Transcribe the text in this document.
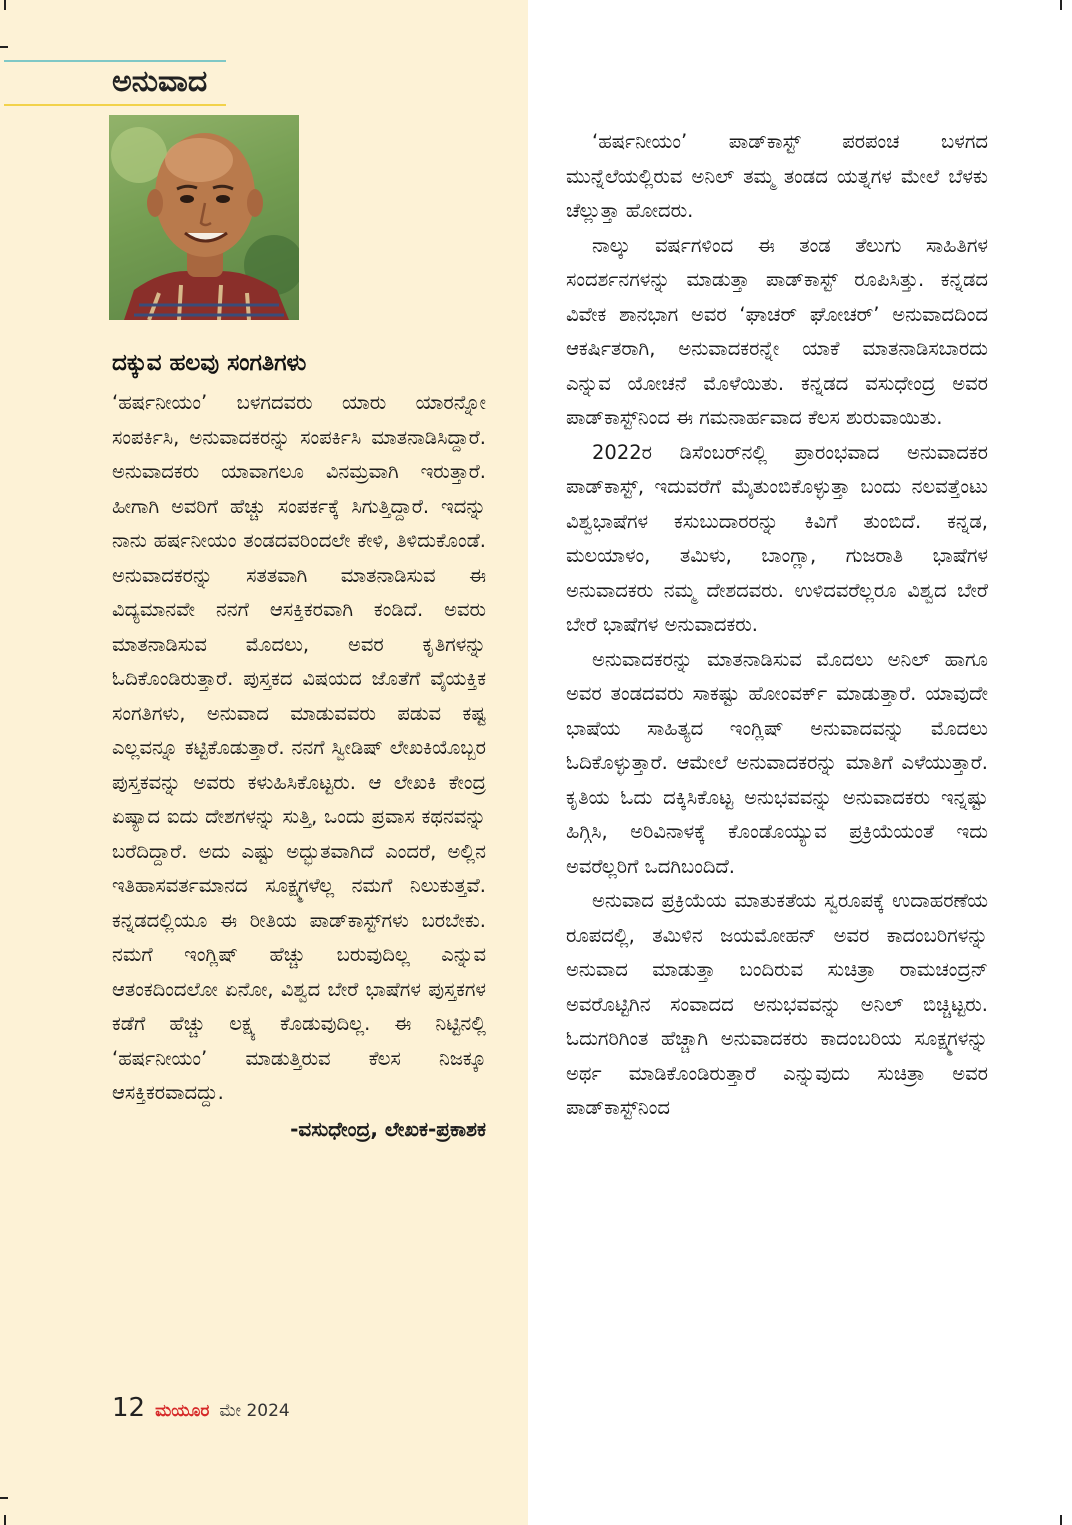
ಅನುವಾದ
ದಕ್ಕುವ ಹಲವು ಸಂಗತಿಗಳು

‘ಹರ್ಷನೀಯಂ’ ಬಳಗದವರು ಯಾರು ಯಾರನ್ನೋ ಸಂಪರ್ಕಿಸಿ, ಅನುವಾದಕರನ್ನು ಸಂಪರ್ಕಿಸಿ ಮಾತನಾಡಿಸಿದ್ದಾರೆ. ಅನುವಾದಕರು ಯಾವಾಗಲೂ ವಿನಮ್ರವಾಗಿ ಇರುತ್ತಾರೆ. ಹೀಗಾಗಿ ಅವರಿಗೆ ಹೆಚ್ಚು ಸಂಪರ್ಕಕ್ಕೆ ಸಿಗುತ್ತಿದ್ದಾರೆ. ಇದನ್ನು ನಾನು ಹರ್ಷನೀಯಂ ತಂಡದವರಿಂದಲೇ ಕೇಳಿ, ತಿಳಿದುಕೊಂಡೆ. ಅನುವಾದಕರನ್ನು ಸತತವಾಗಿ ಮಾತನಾಡಿಸುವ ಈ ವಿದ್ಯಮಾನವೇ ನನಗೆ ಆಸಕ್ತಿಕರವಾಗಿ ಕಂಡಿದೆ. ಅವರು ಮಾತನಾಡಿಸುವ ಮೊದಲು, ಅವರ ಕೃತಿಗಳನ್ನು ಓದಿಕೊಂಡಿರುತ್ತಾರೆ. ಪುಸ್ತಕದ ವಿಷಯದ ಜೊತೆಗೆ ವೈಯಕ್ತಿಕ ಸಂಗತಿಗಳು, ಅನುವಾದ ಮಾಡುವವರು ಪಡುವ ಕಷ್ಟ ಎಲ್ಲವನ್ನೂ ಕಟ್ಟಿಕೊಡುತ್ತಾರೆ. ನನಗೆ ಸ್ವೀಡಿಷ್ ಲೇಖಕಿಯೊಬ್ಬರ ಪುಸ್ತಕವನ್ನು ಅವರು ಕಳುಹಿಸಿಕೊಟ್ಟರು. ಆ ಲೇಖಕಿ ಕೇಂದ್ರ ಏಷ್ಯಾದ ಐದು ದೇಶಗಳನ್ನು ಸುತ್ತಿ, ಒಂದು ಪ್ರವಾಸ ಕಥನವನ್ನು ಬರೆದಿದ್ದಾರೆ. ಅದು ಎಷ್ಟು ಅದ್ಭುತವಾಗಿದೆ ಎಂದರೆ, ಅಲ್ಲಿನ ಇತಿಹಾಸವರ್ತಮಾನದ ಸೂಕ್ಷ್ಮಗಳೆಲ್ಲ ನಮಗೆ ನಿಲುಕುತ್ತವೆ. ಕನ್ನಡದಲ್ಲಿಯೂ ಈ ರೀತಿಯ ಪಾಡ್‌ಕಾಸ್ಟ್‌ಗಳು ಬರಬೇಕು. ನಮಗೆ ಇಂಗ್ಲಿಷ್ ಹೆಚ್ಚು ಬರುವುದಿಲ್ಲ ಎನ್ನುವ ಆತಂಕದಿಂದಲೋ ಏನೋ, ವಿಶ್ವದ ಬೇರೆ ಭಾಷೆಗಳ ಪುಸ್ತಕಗಳ ಕಡೆಗೆ ಹೆಚ್ಚು ಲಕ್ಷ್ಯ ಕೊಡುವುದಿಲ್ಲ. ಈ ನಿಟ್ಟಿನಲ್ಲಿ ‘ಹರ್ಷನೀಯಂ’ ಮಾಡುತ್ತಿರುವ ಕೆಲಸ ನಿಜಕ್ಕೂ ಆಸಕ್ತಿಕರವಾದದ್ದು.

-ವಸುಧೇಂದ್ರ, ಲೇಖಕ-ಪ್ರಕಾಶಕ

‘ಹರ್ಷನೀಯಂ’ ಪಾಡ್‌ಕಾಸ್ಟ್ ಪರಪಂಚ ಬಳಗದ ಮುನ್ನೆಲೆಯಲ್ಲಿರುವ ಅನಿಲ್ ತಮ್ಮ ತಂಡದ ಯತ್ನಗಳ ಮೇಲೆ ಬೆಳಕು ಚೆಲ್ಲುತ್ತಾ ಹೋದರು.

ನಾಲ್ಕು ವರ್ಷಗಳಿಂದ ಈ ತಂಡ ತೆಲುಗು ಸಾಹಿತಿಗಳ ಸಂದರ್ಶನಗಳನ್ನು ಮಾಡುತ್ತಾ ಪಾಡ್‌ಕಾಸ್ಟ್ ರೂಪಿಸಿತ್ತು. ಕನ್ನಡದ ವಿವೇಕ ಶಾನಭಾಗ ಅವರ ‘ಘಾಚರ್ ಘೋಚರ್’ ಅನುವಾದದಿಂದ ಆಕರ್ಷಿತರಾಗಿ, ಅನುವಾದಕರನ್ನೇ ಯಾಕೆ ಮಾತನಾಡಿಸಬಾರದು ಎನ್ನುವ ಯೋಚನೆ ಮೊಳೆಯಿತು. ಕನ್ನಡದ ವಸುಧೇಂದ್ರ ಅವರ ಪಾಡ್‌ಕಾಸ್ಟ್‌ನಿಂದ ಈ ಗಮನಾರ್ಹವಾದ ಕೆಲಸ ಶುರುವಾಯಿತು.

2022ರ ಡಿಸೆಂಬರ್‌ನಲ್ಲಿ ಪ್ರಾರಂಭವಾದ ಅನುವಾದಕರ ಪಾಡ್‌ಕಾಸ್ಟ್, ಇದುವರೆಗೆ ಮೈತುಂಬಿಕೊಳ್ಳುತ್ತಾ ಬಂದು ನಲವತ್ತೆಂಟು ವಿಶ್ವಭಾಷೆಗಳ ಕಸುಬುದಾರರನ್ನು ಕಿವಿಗೆ ತುಂಬಿದೆ. ಕನ್ನಡ, ಮಲಯಾಳಂ, ತಮಿಳು, ಬಾಂಗ್ಲಾ, ಗುಜರಾತಿ ಭಾಷೆಗಳ ಅನುವಾದಕರು ನಮ್ಮ ದೇಶದವರು. ಉಳಿದವರೆಲ್ಲರೂ ವಿಶ್ವದ ಬೇರೆ ಬೇರೆ ಭಾಷೆಗಳ ಅನುವಾದಕರು.

ಅನುವಾದಕರನ್ನು ಮಾತನಾಡಿಸುವ ಮೊದಲು ಅನಿಲ್ ಹಾಗೂ ಅವರ ತಂಡದವರು ಸಾಕಷ್ಟು ಹೋಂವರ್ಕ್ ಮಾಡುತ್ತಾರೆ. ಯಾವುದೇ ಭಾಷೆಯ ಸಾಹಿತ್ಯದ ಇಂಗ್ಲಿಷ್ ಅನುವಾದವನ್ನು ಮೊದಲು ಓದಿಕೊಳ್ಳುತ್ತಾರೆ. ಆಮೇಲೆ ಅನುವಾದಕರನ್ನು ಮಾತಿಗೆ ಎಳೆಯುತ್ತಾರೆ. ಕೃತಿಯ ಓದು ದಕ್ಕಿಸಿಕೊಟ್ಟ ಅನುಭವವನ್ನು ಅನುವಾದಕರು ಇನ್ನಷ್ಟು ಹಿಗ್ಗಿಸಿ, ಅರಿವಿನಾಳಕ್ಕೆ ಕೊಂಡೊಯ್ಯುವ ಪ್ರಕ್ರಿಯೆಯಂತೆ ಇದು ಅವರೆಲ್ಲರಿಗೆ ಒದಗಿಬಂದಿದೆ.

ಅನುವಾದ ಪ್ರಕ್ರಿಯೆಯ ಮಾತುಕತೆಯ ಸ್ವರೂಪಕ್ಕೆ ಉದಾಹರಣೆಯ ರೂಪದಲ್ಲಿ, ತಮಿಳಿನ ಜಯಮೋಹನ್ ಅವರ ಕಾದಂಬರಿಗಳನ್ನು ಅನುವಾದ ಮಾಡುತ್ತಾ ಬಂದಿರುವ ಸುಚಿತ್ರಾ ರಾಮಚಂದ್ರನ್ ಅವರೊಟ್ಟಿಗಿನ ಸಂವಾದದ ಅನುಭವವನ್ನು ಅನಿಲ್ ಬಿಚ್ಚಿಟ್ಟರು. ಓದುಗರಿಗಿಂತ ಹೆಚ್ಚಾಗಿ ಅನುವಾದಕರು ಕಾದಂಬರಿಯ ಸೂಕ್ಷ್ಮಗಳನ್ನು ಅರ್ಥ ಮಾಡಿಕೊಂಡಿರುತ್ತಾರೆ ಎನ್ನುವುದು ಸುಚಿತ್ರಾ ಅವರ ಪಾಡ್‌ಕಾಸ್ಟ್‌ನಿಂದ

12 ಮಯೂರ ಮೇ 2024
